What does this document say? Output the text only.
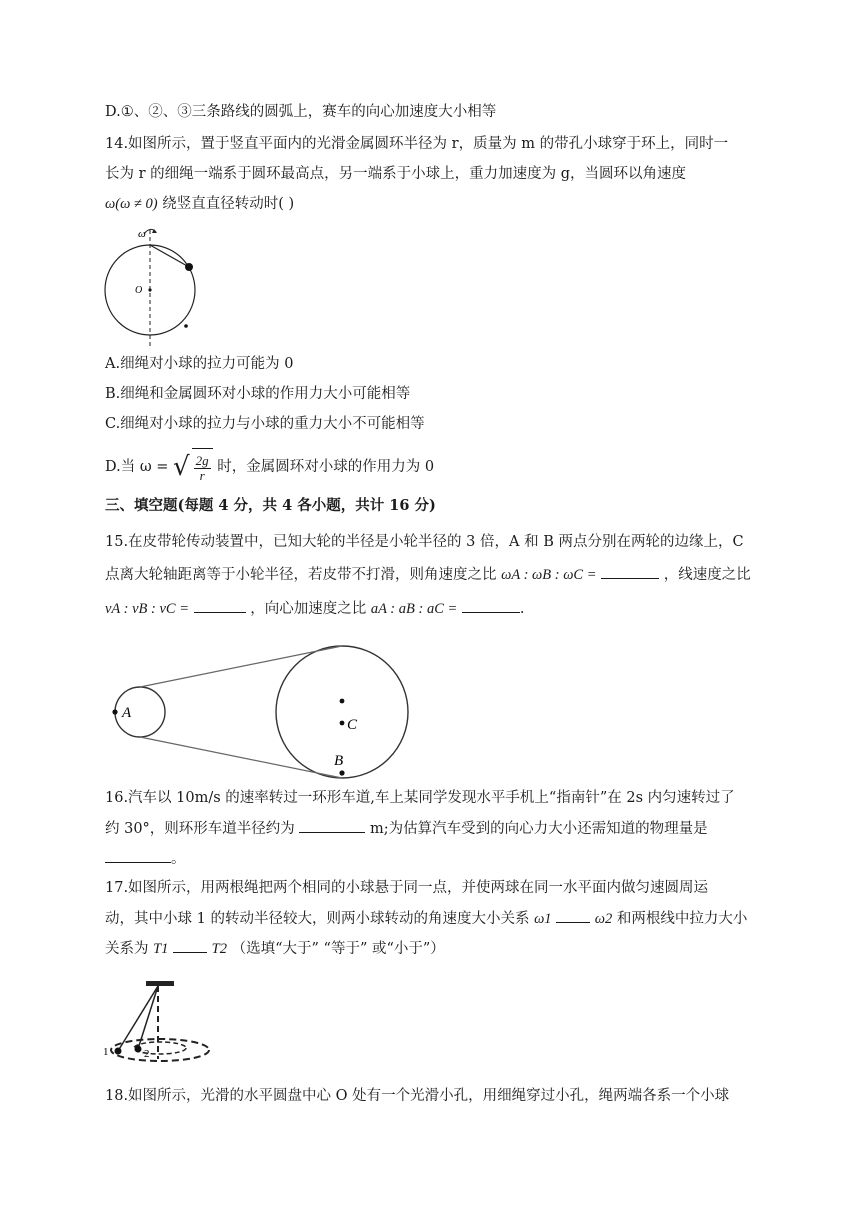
D.①、②、③三条路线的圆弧上，赛车的向心加速度大小相等
14.如图所示，置于竖直平面内的光滑金属圆环半径为 r，质量为 m 的带孔小球穿于环上，同时一
长为 r 的细绳一端系于圆环最高点，另一端系于小球上，重力加速度为 g，当圆环以角速度
ω(ω ≠ 0) 绕竖直直径转动时( )
ω
O
A.细绳对小球的拉力可能为 0
B.细绳和金属圆环对小球的作用力大小可能相等
C.细绳对小球的拉力与小球的重力大小不可能相等
D.当 ω = √ $\frac{2g}{r}$ 时，金属圆环对小球的作用力为 0
三、填空题(每题 4 分，共 4 各小题，共计 16 分)
15.在皮带轮传动装置中，已知大轮的半径是小轮半径的 3 倍，A 和 B 两点分别在两轮的边缘上，C
点离大轮轴距离等于小轮半径，若皮带不打滑，则角速度之比 ωA : ωB : ωC =	，线速度之比
vA : vB : vC =	，向心加速度之比 aA : aB : aC =	.
A
C
B
16.汽车以 10m/s 的速率转过一环形车道,车上某同学发现水平手机上“指南针”在 2s 内匀速转过了
约 30°，则环形车道半径约为	m;为估算汽车受到的向心力大小还需知道的物理量是
。
17.如图所示，用两根绳把两个相同的小球悬于同一点，并使两球在同一水平面内做匀速圆周运
动，其中小球 1 的转动半径较大，则两小球转动的角速度大小关系 ω1	ω2 和两根线中拉力大小
关系为 T1	T2 （选填“大于” “等于” 或“小于”）
1	2
18.如图所示，光滑的水平圆盘中心 O 处有一个光滑小孔，用细绳穿过小孔，绳两端各系一个小球
